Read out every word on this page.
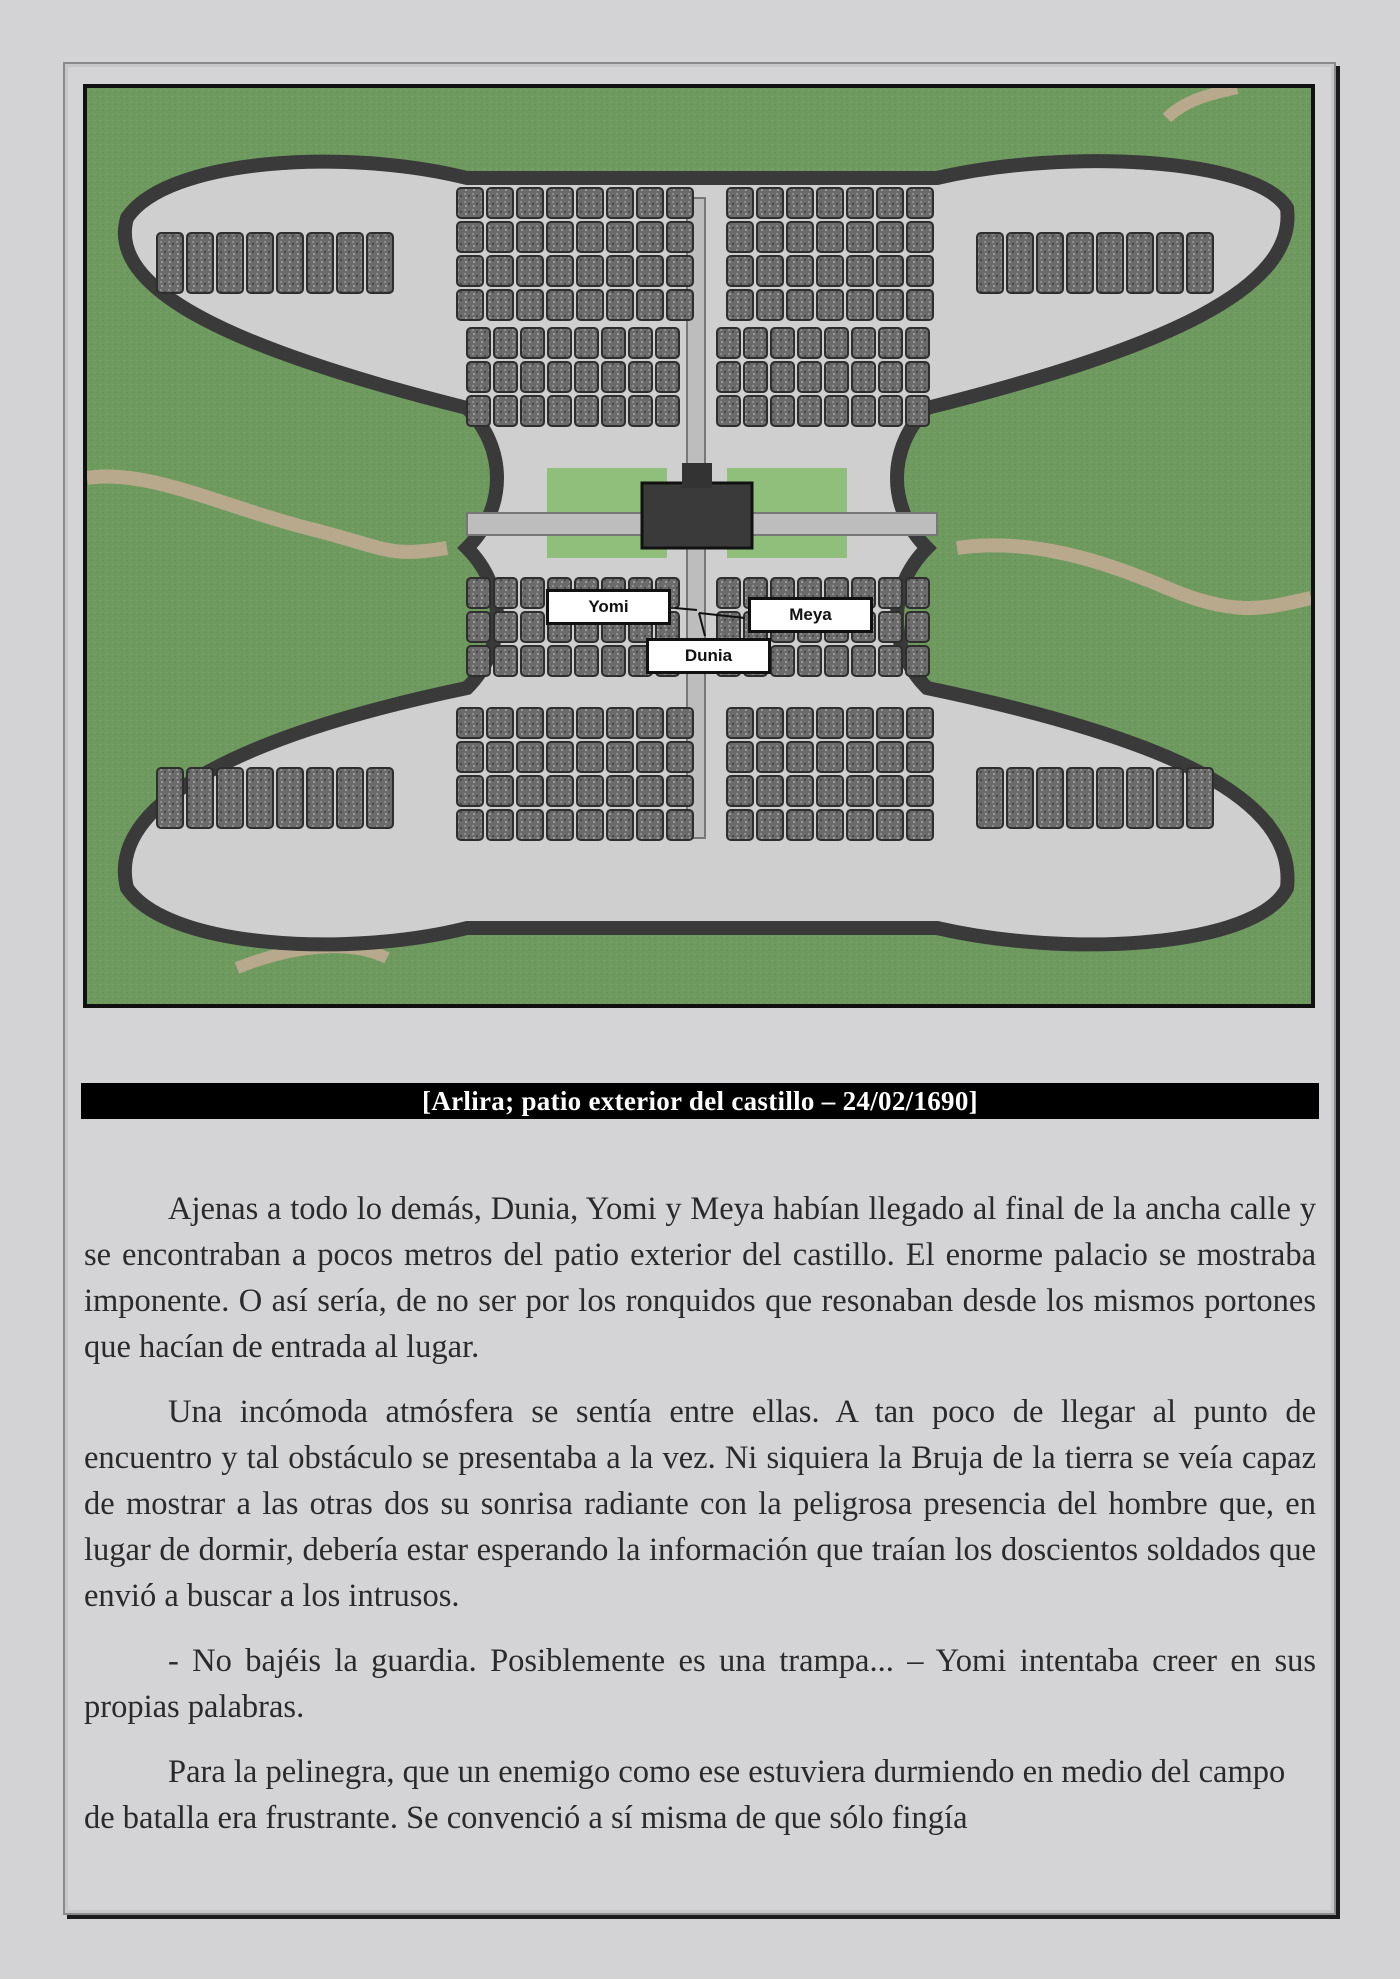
Yomi	Meya
Dunia
[Arlira; patio exterior del castillo – 24/02/1690]

Ajenas a todo lo demás, Dunia, Yomi y Meya habían llegado al final de la ancha calle y se encontraban a pocos metros del patio exterior del castillo. El enorme palacio se mostraba imponente. O así sería, de no ser por los ronquidos que resonaban desde los mismos portones que hacían de entrada al lugar.

Una incómoda atmósfera se sentía entre ellas. A tan poco de llegar al punto de encuentro y tal obstáculo se presentaba a la vez. Ni siquiera la Bruja de la tierra se veía capaz de mostrar a las otras dos su sonrisa radiante con la peligrosa presencia del hombre que, en lugar de dormir, debería estar esperando la información que traían los doscientos soldados que envió a buscar a los intrusos.

- No bajéis la guardia. Posiblemente es una trampa... – Yomi intentaba creer en sus propias palabras.

Para la pelinegra, que un enemigo como ese estuviera durmiendo en medio del campo de batalla era frustrante. Se convenció a sí misma de que sólo fingía
